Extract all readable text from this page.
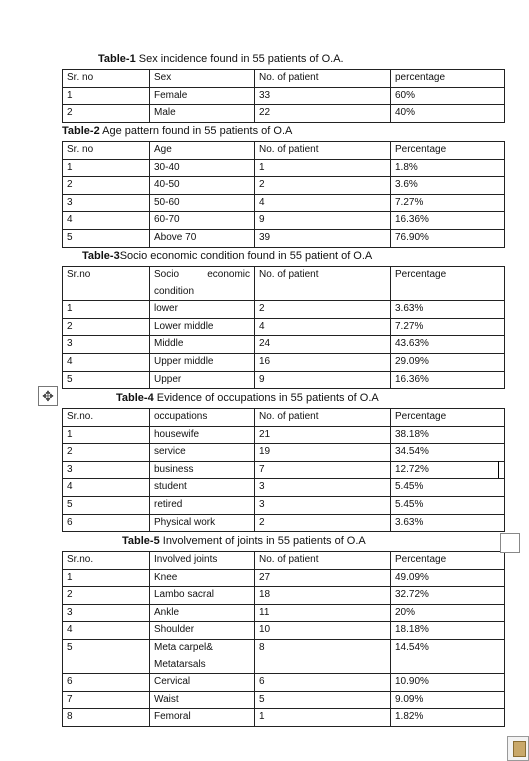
Table-1 Sex incidence found in 55 patients of O.A.
Sr. no	Sex	No. of patient	percentage
1	Female	33	60%
2	Male	22	40%
Table-2 Age pattern found in 55 patients of O.A
Sr. no	Age	No. of patient	Percentage
1	30-40	1	1.8%
2	40-50	2	3.6%
3	50-60	4	7.27%
4	60-70	9	16.36%
5	Above 70	39	76.90%
Table-3Socio economic condition found in 55 patient of O.A
Sr.no	Socio economic condition	No. of patient	Percentage
1	lower	2	3.63%
2	Lower middle	4	7.27%
3	Middle	24	43.63%
4	Upper middle	16	29.09%
5	Upper	9	16.36%
✥	Table-4 Evidence of occupations in 55 patients of O.A
Sr.no.	occupations	No. of patient	Percentage
1	housewife	21	38.18%
2	service	19	34.54%
3	business	7	12.72%
4	student	3	5.45%
5	retired	3	5.45%
6	Physical work	2	3.63%
Table-5 Involvement of joints in 55 patients of O.A
Sr.no.	Involved joints	No. of patient	Percentage
1	Knee	27	49.09%
2	Lambo sacral	18	32.72%
3	Ankle	11	20%
4	Shoulder	10	18.18%
5	Meta carpel& Metatarsals	8	14.54%
6	Cervical	6	10.90%
7	Waist	5	9.09%
8	Femoral	1	1.82%
